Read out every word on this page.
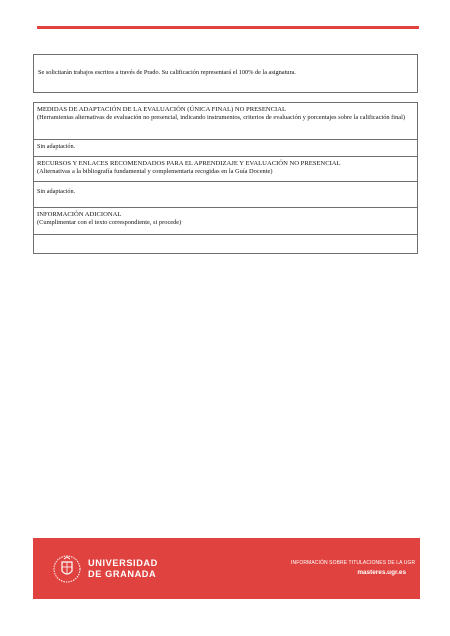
Se solicitarán trabajos escritos a través de Prado. Su calificación representará el 100% de la asignatura.
MEDIDAS DE ADAPTACIÓN DE LA EVALUACIÓN (ÚNICA FINAL) NO PRESENCIAL
(Herramientas alternativas de evaluación no presencial, indicando instrumentos, criterios de evaluación y porcentajes sobre la calificación final)
Sin adaptación.
RECURSOS Y ENLACES RECOMENDADOS PARA EL APRENDIZAJE Y EVALUACIÓN NO PRESENCIAL
(Alternativas a la bibliografía fundamental y complementaria recogidas en la Guía Docente)
Sin adaptación.
INFORMACIÓN ADICIONAL
(Cumplimentar con el texto correspondiente, si procede)
UNIVERSIDAD
DE GRANADA
INFORMACIÓN SOBRE TITULACIONES DE LA UGR
masteres.ugr.es
